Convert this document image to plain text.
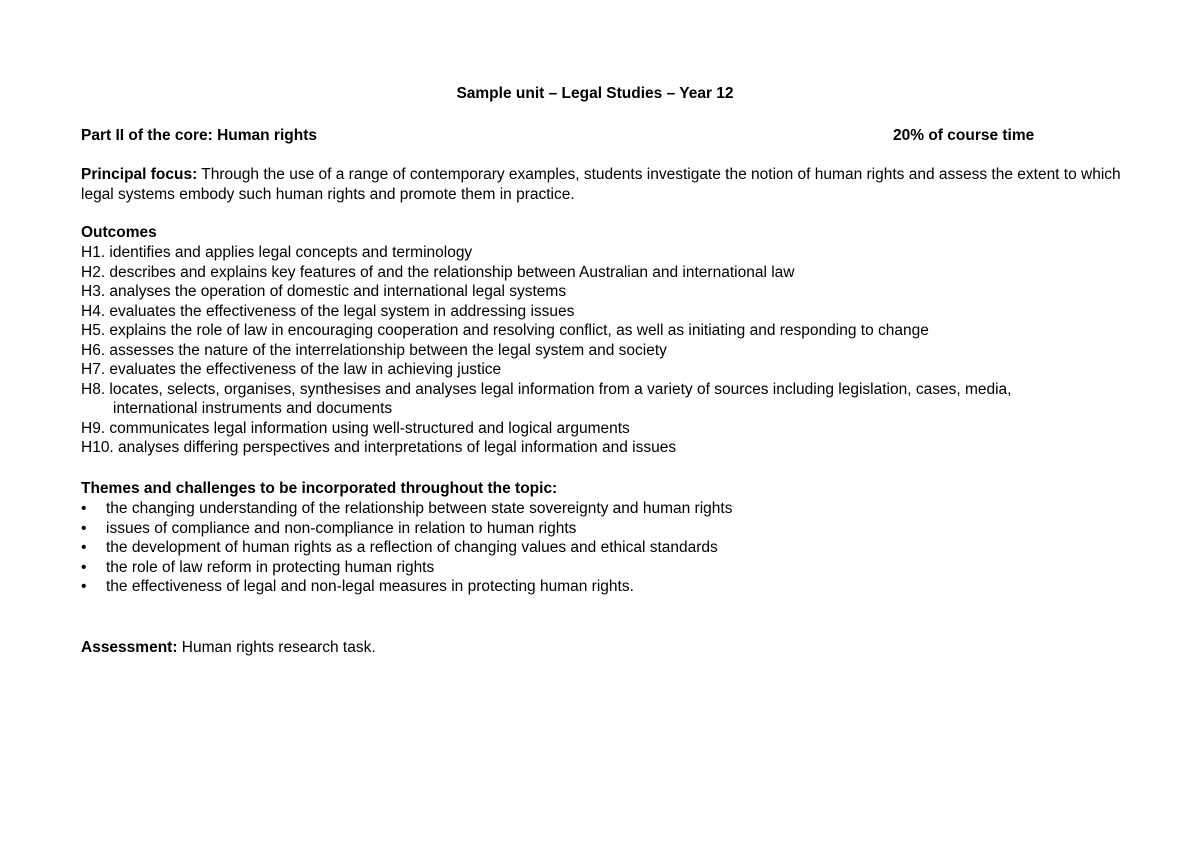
Sample unit – Legal Studies – Year 12
Part II of the core: Human rights	20% of course time
Principal focus: Through the use of a range of contemporary examples, students investigate the notion of human rights and assess the extent to which legal systems embody such human rights and promote them in practice.
Outcomes
H1. identifies and applies legal concepts and terminology
H2. describes and explains key features of and the relationship between Australian and international law
H3. analyses the operation of domestic and international legal systems
H4. evaluates the effectiveness of the legal system in addressing issues
H5. explains the role of law in encouraging cooperation and resolving conflict, as well as initiating and responding to change
H6. assesses the nature of the interrelationship between the legal system and society
H7. evaluates the effectiveness of the law in achieving justice
H8. locates, selects, organises, synthesises and analyses legal information from a variety of sources including legislation, cases, media, international instruments and documents
H9. communicates legal information using well-structured and logical arguments
H10. analyses differing perspectives and interpretations of legal information and issues
Themes and challenges to be incorporated throughout the topic:
• the changing understanding of the relationship between state sovereignty and human rights
• issues of compliance and non-compliance in relation to human rights
• the development of human rights as a reflection of changing values and ethical standards
• the role of law reform in protecting human rights
• the effectiveness of legal and non-legal measures in protecting human rights.
Assessment: Human rights research task.
